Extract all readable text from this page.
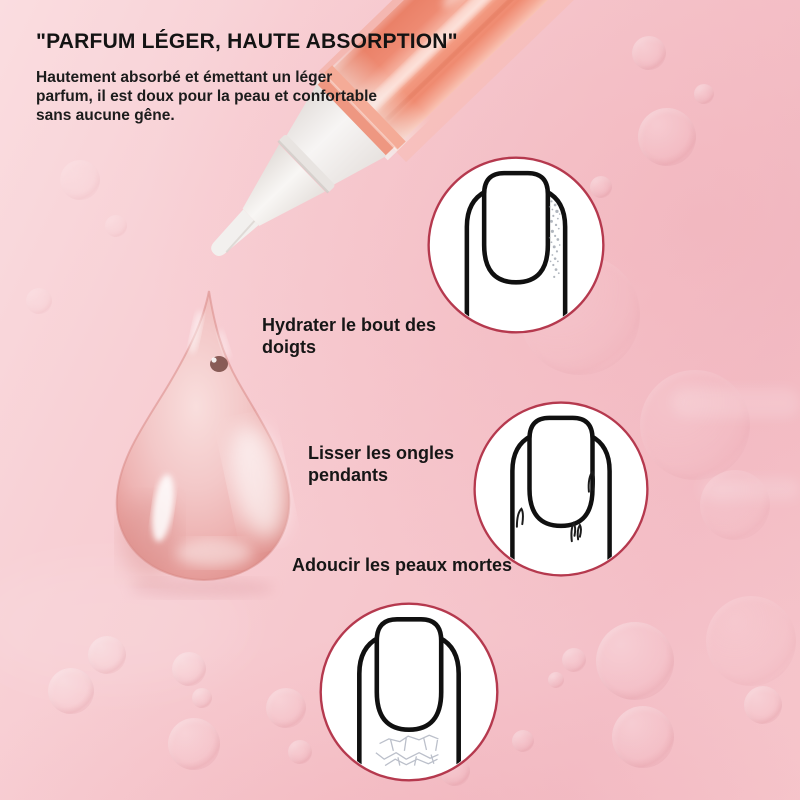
"PARFUM LÉGER, HAUTE ABSORPTION"
Hautement absorbé et émettant un léger
parfum, il est doux pour la peau et confortable
sans aucune gêne.
Hydrater le bout des
doigts
Lisser les ongles
pendants
Adoucir les peaux mortes
